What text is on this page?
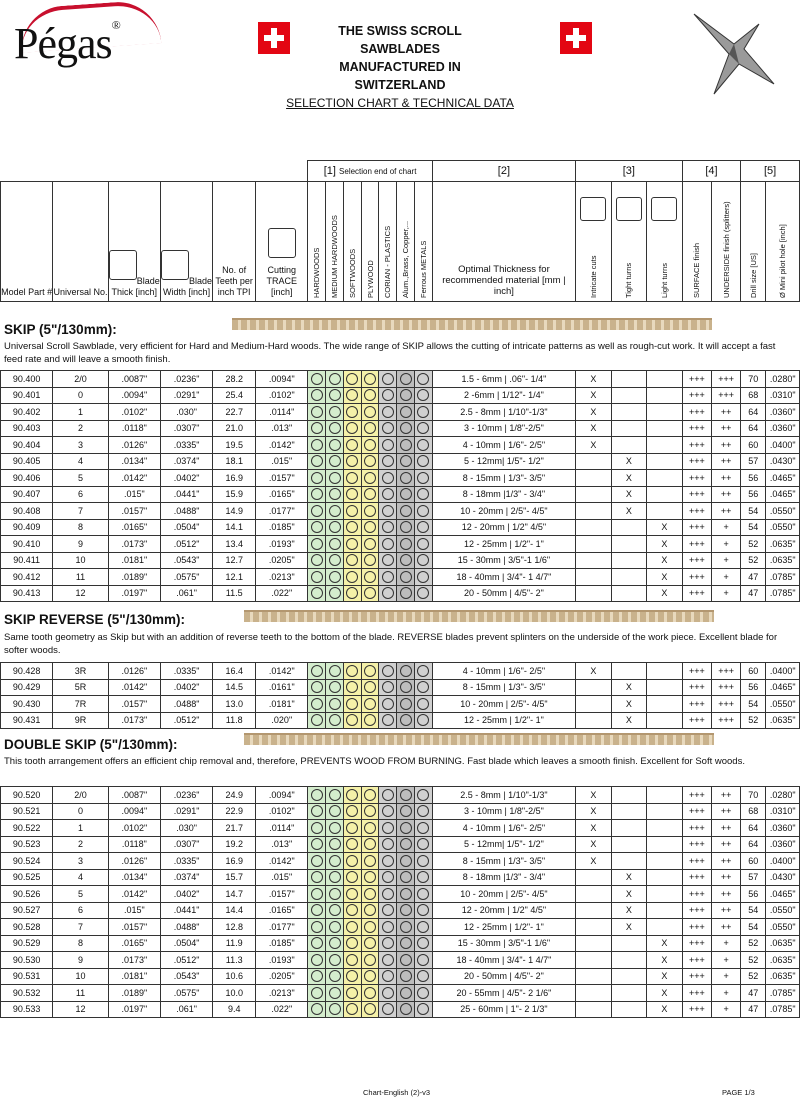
Pégas®	THE SWISS SCROLL SAWBLADES
MANUFACTURED IN SWITZERLAND
SELECTION CHART & TECHNICAL DATA
						[1] Selection end of chart							[2]	[3]			[4]		[5]	
Model Part #	Universal No.	Blade Thick [inch]	Blade Width [inch]	No. of Teeth per inch TPI	Cutting TRACE [inch]	HARDWOODS	MEDIUM HARDWOODS	SOFTWOODS	PLYWOOD	CORIAN - PLASTICS	Alum.,Brass, Copper,...	Ferrous METALS	Optimal Thickness for recommended material [mm | inch]	Intricate cuts	Tight turns	Light turns	SURFACE finish	UNDERSIDE finish (splitters)	Drill size [US]	Ø Mini pilot hole [inch]
SKIP (5"/130mm):
Universal Scroll Sawblade, very efficient for Hard and Medium-Hard woods. The wide range of SKIP allows the cutting of intricate patterns as well as rough-cut work. It will accept a fast feed rate and will leave a smooth finish.
90.400	2/0	.0087"	.0236"	28.2	.0094"								1.5 - 6mm | .06"- 1/4"	X			+++	+++	70	.0280"
90.401	0	.0094"	.0291"	25.4	.0102"								2 -6mm | 1/12"- 1/4"	X			+++	+++	68	.0310"
90.402	1	.0102"	.030"	22.7	.0114"								2.5 - 8mm | 1/10"-1/3"	X			+++	++	64	.0360"
90.403	2	.0118"	.0307"	21.0	.013"								3 - 10mm | 1/8"-2/5"	X			+++	++	64	.0360"
90.404	3	.0126"	.0335"	19.5	.0142"								4 - 10mm | 1/6"- 2/5"	X			+++	++	60	.0400"
90.405	4	.0134"	.0374"	18.1	.015"								5 - 12mm| 1/5"- 1/2"		X		+++	++	57	.0430"
90.406	5	.0142"	.0402"	16.9	.0157"								8 - 15mm | 1/3"- 3/5"		X		+++	++	56	.0465"
90.407	6	.015"	.0441"	15.9	.0165"								8 - 18mm |1/3" - 3/4"		X		+++	++	56	.0465"
90.408	7	.0157"	.0488"	14.9	.0177"								10 - 20mm | 2/5"- 4/5"		X		+++	++	54	.0550"
90.409	8	.0165"	.0504"	14.1	.0185"								12 - 20mm | 1/2" 4/5"			X	+++	+	54	.0550"
90.410	9	.0173"	.0512"	13.4	.0193"								12 - 25mm | 1/2"- 1"			X	+++	+	52	.0635"
90.411	10	.0181"	.0543"	12.7	.0205"								15 - 30mm | 3/5"-1 1/6"			X	+++	+	52	.0635"
90.412	11	.0189"	.0575"	12.1	.0213"								18 - 40mm | 3/4"- 1 4/7"			X	+++	+	47	.0785"
90.413	12	.0197"	.061"	11.5	.022"								20 - 50mm | 4/5"- 2"			X	+++	+	47	.0785"
SKIP REVERSE (5"/130mm):
Same tooth geometry as Skip but with an addition of reverse teeth to the bottom of the blade. REVERSE blades prevent splinters on the underside of the work piece. Excellent blade for softer woods.
90.428	3R	.0126"	.0335"	16.4	.0142"								4 - 10mm | 1/6"- 2/5"	X			+++	+++	60	.0400"
90.429	5R	.0142"	.0402"	14.5	.0161"								8 - 15mm | 1/3"- 3/5"		X		+++	+++	56	.0465"
90.430	7R	.0157"	.0488"	13.0	.0181"								10 - 20mm | 2/5"- 4/5"		X		+++	+++	54	.0550"
90.431	9R	.0173"	.0512"	11.8	.020"								12 - 25mm | 1/2"- 1"		X		+++	+++	52	.0635"
DOUBLE SKIP (5"/130mm):
This tooth arrangement offers an efficient chip removal and, therefore, PREVENTS WOOD FROM BURNING. Fast blade which leaves a smooth finish. Excellent for Soft woods.
90.520	2/0	.0087"	.0236"	24.9	.0094"								2.5 - 8mm | 1/10"-1/3"	X			+++	++	70	.0280"
90.521	0	.0094"	.0291"	22.9	.0102"								3 - 10mm | 1/8"-2/5"	X			+++	++	68	.0310"
90.522	1	.0102"	.030"	21.7	.0114"								4 - 10mm | 1/6"- 2/5"	X			+++	++	64	.0360"
90.523	2	.0118"	.0307"	19.2	.013"								5 - 12mm| 1/5"- 1/2"	X			+++	++	64	.0360"
90.524	3	.0126"	.0335"	16.9	.0142"								8 - 15mm | 1/3"- 3/5"	X			+++	++	60	.0400"
90.525	4	.0134"	.0374"	15.7	.015"								8 - 18mm |1/3" - 3/4"		X		+++	++	57	.0430"
90.526	5	.0142"	.0402"	14.7	.0157"								10 - 20mm | 2/5"- 4/5"		X		+++	++	56	.0465"
90.527	6	.015"	.0441"	14.4	.0165"								12 - 20mm | 1/2" 4/5"		X		+++	++	54	.0550"
90.528	7	.0157"	.0488"	12.8	.0177"								12 - 25mm | 1/2"- 1"		X		+++	++	54	.0550"
90.529	8	.0165"	.0504"	11.9	.0185"								15 - 30mm | 3/5"-1 1/6"			X	+++	+	52	.0635"
90.530	9	.0173"	.0512"	11.3	.0193"								18 - 40mm | 3/4"- 1 4/7"			X	+++	+	52	.0635"
90.531	10	.0181"	.0543"	10.6	.0205"								20 - 50mm | 4/5"- 2"			X	+++	+	52	.0635"
90.532	11	.0189"	.0575"	10.0	.0213"								20 - 55mm | 4/5"- 2 1/6"			X	+++	+	47	.0785"
90.533	12	.0197"	.061"	9.4	.022"								25 - 60mm | 1"- 2 1/3"			X	+++	+	47	.0785"
Chart-English (2)-v3	PAGE 1/3
